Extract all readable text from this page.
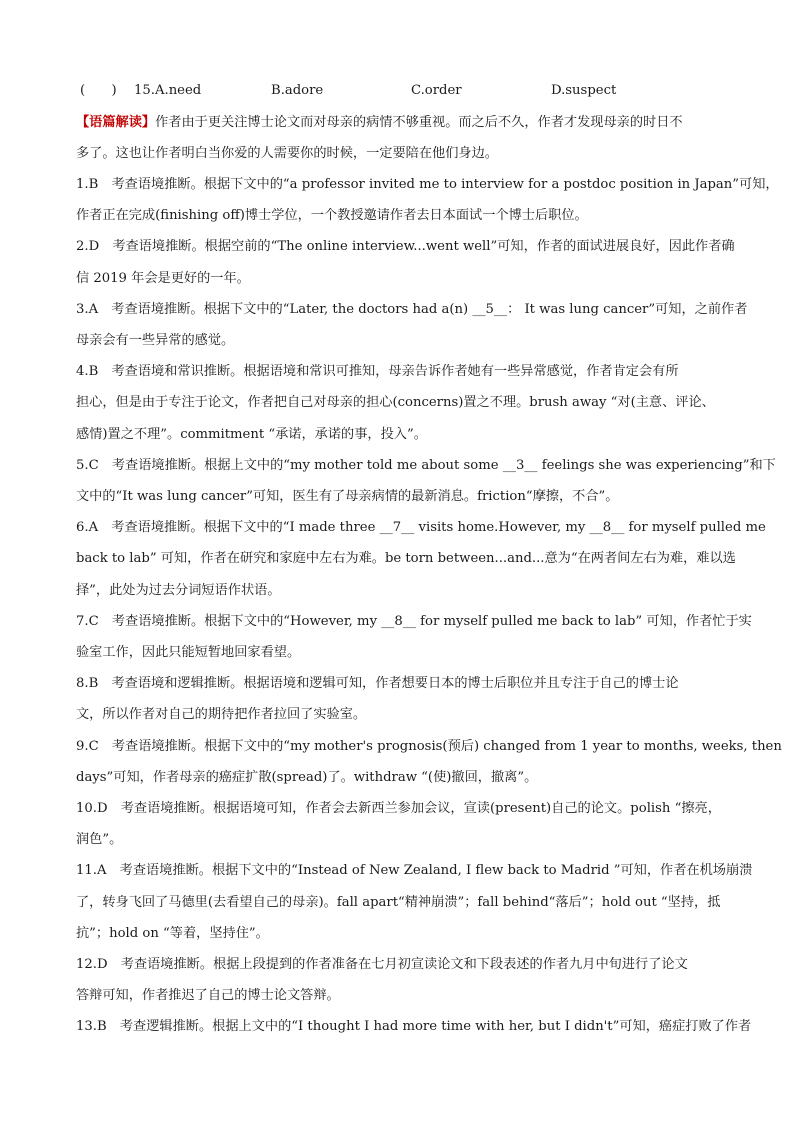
(　　) 15.A.need	B.adore	C.order	D.suspect
【语篇解读】作者由于更关注博士论文而对母亲的病情不够重视。而之后不久，作者才发现母亲的时日不
多了。这也让作者明白当你爱的人需要你的时候，一定要陪在他们身边。
1.B　考查语境推断。根据下文中的“a professor invited me to interview for a postdoc position in Japan”可知，
作者正在完成(finishing off)博士学位，一个教授邀请作者去日本面试一个博士后职位。
2.D　考查语境推断。根据空前的“The online interview...went well”可知，作者的面试进展良好，因此作者确
信 2019 年会是更好的一年。
3.A　考查语境推断。根据下文中的“Later, the doctors had a(n) __5__： It was lung cancer”可知，之前作者
母亲会有一些异常的感觉。
4.B　考查语境和常识推断。根据语境和常识可推知，母亲告诉作者她有一些异常感觉，作者肯定会有所
担心，但是由于专注于论文，作者把自己对母亲的担心(concerns)置之不理。brush away “对(主意、评论、
感情)置之不理”。commitment “承诺，承诺的事，投入”。
5.C　考查语境推断。根据上文中的“my mother told me about some __3__ feelings she was experiencing”和下
文中的“It was lung cancer”可知，医生有了母亲病情的最新消息。friction“摩擦，不合”。
6.A　考查语境推断。根据下文中的“I made three __7__ visits home.However, my __8__ for myself pulled me
back to lab” 可知，作者在研究和家庭中左右为难。be torn between...and...意为“在两者间左右为难，难以选
择”，此处为过去分词短语作状语。
7.C　考查语境推断。根据下文中的“However, my __8__ for myself pulled me back to lab” 可知，作者忙于实
验室工作，因此只能短暂地回家看望。
8.B　考查语境和逻辑推断。根据语境和逻辑可知，作者想要日本的博士后职位并且专注于自己的博士论
文，所以作者对自己的期待把作者拉回了实验室。
9.C　考查语境推断。根据下文中的“my mother's prognosis(预后) changed from 1 year to months, weeks, then
days”可知，作者母亲的癌症扩散(spread)了。withdraw “(使)撤回，撤离”。
10.D　考查语境推断。根据语境可知，作者会去新西兰参加会议，宣读(present)自己的论文。polish “擦亮，
润色”。
11.A　考查语境推断。根据下文中的“Instead of New Zealand, I flew back to Madrid ”可知，作者在机场崩溃
了，转身飞回了马德里(去看望自己的母亲)。fall apart“精神崩溃”；fall behind“落后”；hold out “坚持，抵
抗”；hold on “等着，坚持住”。
12.D　考查语境推断。根据上段提到的作者准备在七月初宣读论文和下段表述的作者九月中旬进行了论文
答辩可知，作者推迟了自己的博士论文答辩。
13.B　考查逻辑推断。根据上文中的“I thought I had more time with her, but I didn't”可知，癌症打败了作者
